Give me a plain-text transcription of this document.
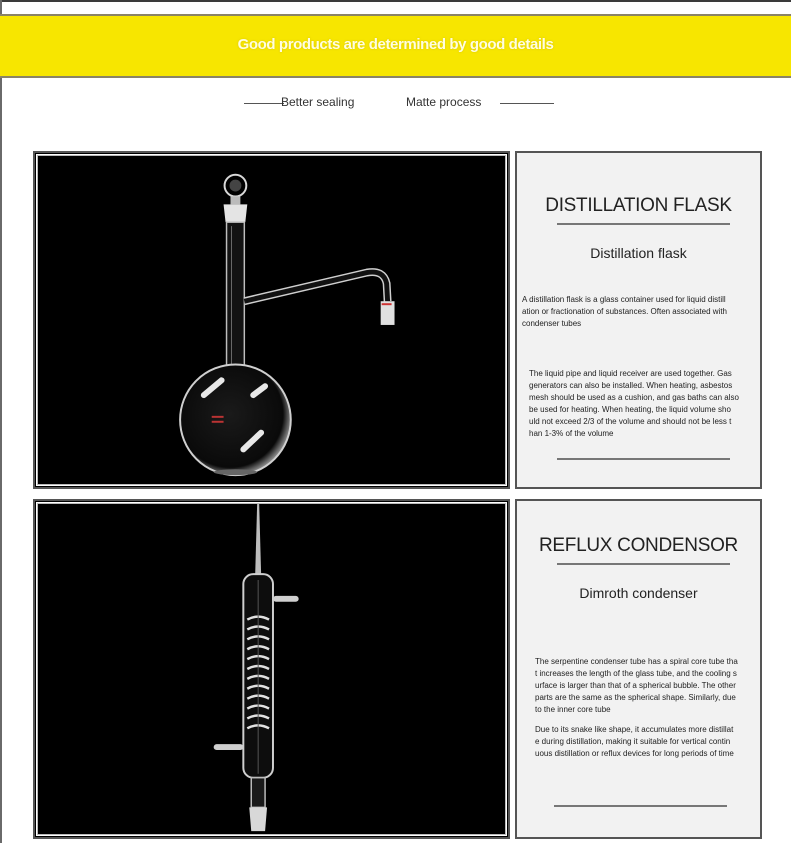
Good products are determined by good details
Better sealing	Matte process
DISTILLATION FLASK
Distillation flask
A distillation flask is a glass container used for liquid distill
ation or fractionation of substances. Often associated with
condenser tubes
The liquid pipe and liquid receiver are used together. Gas
generators can also be installed. When heating, asbestos
mesh should be used as a cushion, and gas baths can also
be used for heating. When heating, the liquid volume sho
uld not exceed 2/3 of the volume and should not be less t
han 1-3% of the volume
REFLUX CONDENSOR
Dimroth condenser
The serpentine condenser tube has a spiral core tube tha
t increases the length of the glass tube, and the cooling s
urface is larger than that of a spherical bubble. The other
parts are the same as the spherical shape. Similarly, due
to the inner core tube
Due to its snake like shape, it accumulates more distillat
e during distillation, making it suitable for vertical contin
uous distillation or reflux devices for long periods of time
